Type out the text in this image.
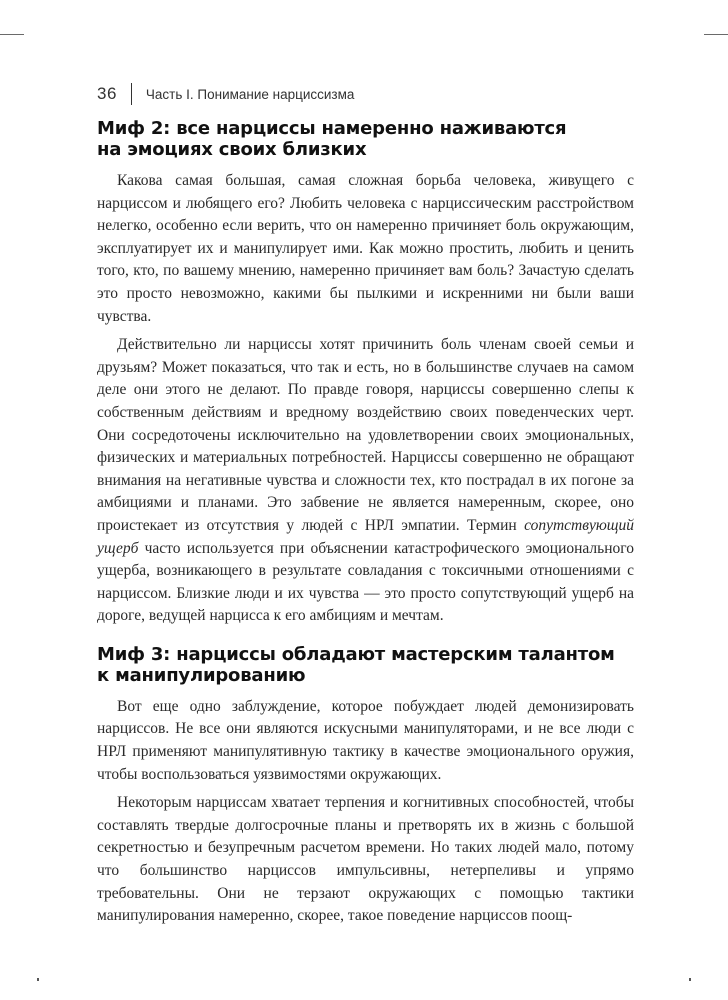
36 Часть I. Понимание нарциссизма
Миф 2: все нарциссы намеренно наживаются
на эмоциях своих близких

Какова самая большая, самая сложная борьба человека, живущего с нарциссом и любящего его? Любить человека с нарциссическим расстройством нелегко, особенно если верить, что он намеренно причиняет боль окружающим, эксплуатирует их и манипулирует ими. Как можно простить, любить и ценить того, кто, по вашему мнению, намеренно причиняет вам боль? Зачастую сделать это просто невозможно, какими бы пылкими и искренними ни были ваши чувства.

Действительно ли нарциссы хотят причинить боль членам своей семьи и друзьям? Может показаться, что так и есть, но в большинстве случаев на самом деле они этого не делают. По правде говоря, нарциссы совершенно слепы к собственным действиям и вредному воздействию своих поведенческих черт. Они сосредоточены исключительно на удовлетворении своих эмоциональных, физических и материальных потребностей. Нарциссы совершенно не обращают внимания на негативные чувства и сложности тех, кто пострадал в их погоне за амбициями и планами. Это забвение не является намеренным, скорее, оно проистекает из отсутствия у людей с НРЛ эмпатии. Термин сопутствующий ущерб часто используется при объяснении катастрофического эмоционального ущерба, возникающего в результате совладания с токсичными отношениями с нарциссом. Близкие люди и их чувства — это просто сопутствующий ущерб на дороге, ведущей нарцисса к его амбициям и мечтам.

Миф 3: нарциссы обладают мастерским талантом
к манипулированию

Вот еще одно заблуждение, которое побуждает людей демонизировать нарциссов. Не все они являются искусными манипуляторами, и не все люди с НРЛ применяют манипулятивную тактику в качестве эмоционального оружия, чтобы воспользоваться уязвимостями окружающих.

Некоторым нарциссам хватает терпения и когнитивных способностей, чтобы составлять твердые долгосрочные планы и претворять их в жизнь с большой секретностью и безупречным расчетом времени. Но таких людей мало, потому что большинство нарциссов импульсивны, нетерпеливы и упрямо требовательны. Они не терзают окружающих с помощью тактики манипулирования намеренно, скорее, такое поведение нарциссов поощ-
